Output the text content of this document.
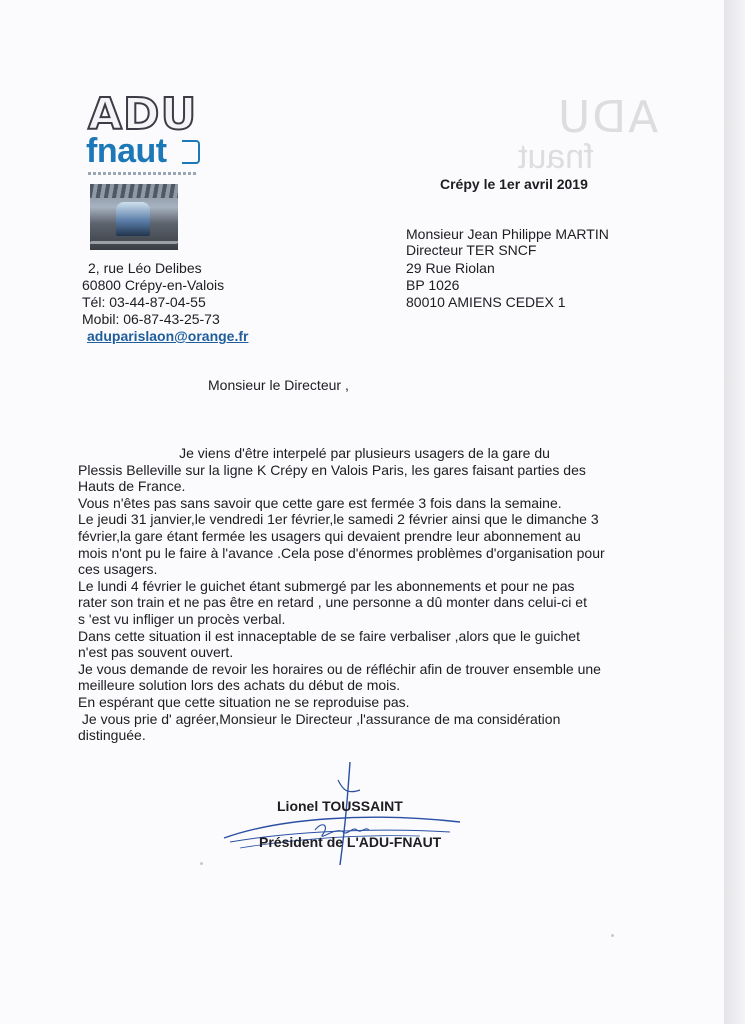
ADU
fnaut
ADU
fnaut
Crépy le 1er avril 2019
2, rue Léo Delibes
60800 Crépy-en-Valois
Tél: 03-44-87-04-55
Mobil: 06-87-43-25-73
aduparislaon@orange.fr
Monsieur Jean Philippe MARTIN
Directeur TER SNCF
29 Rue Riolan
BP 1026
80010 AMIENS CEDEX 1
Monsieur le Directeur ,

Je viens d'être interpelé par plusieurs usagers de la gare du

Plessis Belleville sur la ligne K Crépy en Valois Paris, les gares faisant parties des

Hauts de France.

Vous n'êtes pas sans savoir que cette gare est fermée 3 fois dans la semaine.

Le jeudi 31 janvier,le vendredi 1er février,le samedi 2 février ainsi que le dimanche 3

février,la gare étant fermée les usagers qui devaient prendre leur abonnement au

mois n'ont pu le faire à l'avance .Cela pose d'énormes problèmes d'organisation pour

ces usagers.

Le lundi 4 février le guichet étant submergé par les abonnements et pour ne pas

rater son train et ne pas être en retard , une personne a dû monter dans celui-ci et

s 'est vu infliger un procès verbal.

Dans cette situation il est innaceptable de se faire verbaliser ,alors que le guichet

n'est pas souvent ouvert.

Je vous demande de revoir les horaires ou de réfléchir afin de trouver ensemble une

meilleure solution lors des achats du début de mois.

En espérant que cette situation ne se reproduise pas.

Je vous prie d' agréer,Monsieur le Directeur ,l'assurance de ma considération

distinguée.

Lionel TOUSSAINT
Président de L'ADU-FNAUT
